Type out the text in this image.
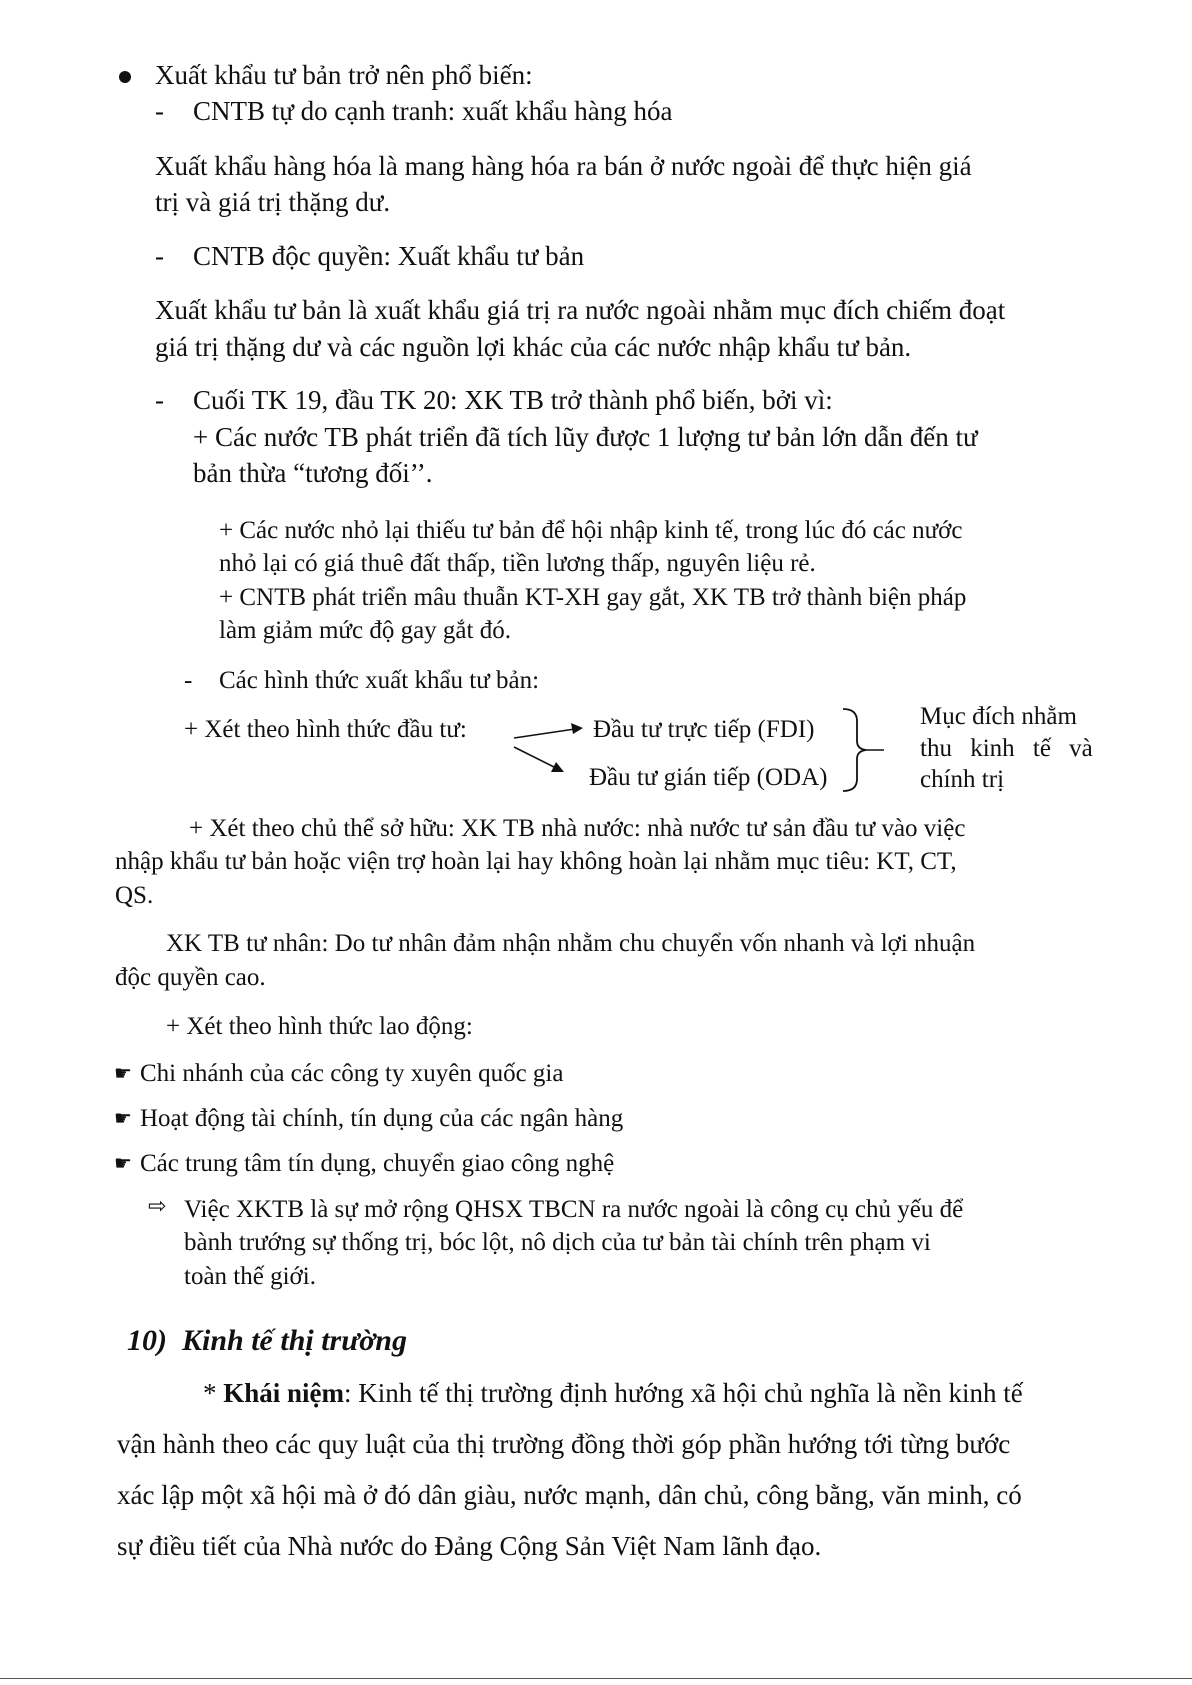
Xuất khẩu tư bản trở nên phổ biến:
- CNTB tự do cạnh tranh: xuất khẩu hàng hóa
Xuất khẩu hàng hóa là mang hàng hóa ra bán ở nước ngoài để thực hiện giá
trị và giá trị thặng dư.
- CNTB độc quyền: Xuất khẩu tư bản
Xuất khẩu tư bản là xuất khẩu giá trị ra nước ngoài nhằm mục đích chiếm đoạt
giá trị thặng dư và các nguồn lợi khác của các nước nhập khẩu tư bản.
- Cuối TK 19, đầu TK 20: XK TB trở thành phổ biến, bởi vì:
+ Các nước TB phát triển đã tích lũy được 1 lượng tư bản lớn dẫn đến tư
bản thừa “tương đối’’.
+ Các nước nhỏ lại thiếu tư bản để hội nhập kinh tế, trong lúc đó các nước
nhỏ lại có giá thuê đất thấp, tiền lương thấp, nguyên liệu rẻ.
+ CNTB phát triển mâu thuẫn KT-XH gay gắt, XK TB trở thành biện pháp
làm giảm mức độ gay gắt đó.
- Các hình thức xuất khẩu tư bản:
+ Xét theo hình thức đầu tư:	Đầu tư trực tiếp (FDI)
Đầu tư gián tiếp (ODA)
Mục đích nhằm
thu kinh tế và
chính trị
+ Xét theo chủ thể sở hữu: XK TB nhà nước: nhà nước tư sản đầu tư vào việc
nhập khẩu tư bản hoặc viện trợ hoàn lại hay không hoàn lại nhằm mục tiêu: KT, CT,
QS.
XK TB tư nhân: Do tư nhân đảm nhận nhằm chu chuyển vốn nhanh và lợi nhuận
độc quyền cao.
+ Xét theo hình thức lao động:
☛ Chi nhánh của các công ty xuyên quốc gia
☛ Hoạt động tài chính, tín dụng của các ngân hàng
☛ Các trung tâm tín dụng, chuyển giao công nghệ
⇨ Việc XKTB là sự mở rộng QHSX TBCN ra nước ngoài là công cụ chủ yếu để
bành trướng sự thống trị, bóc lột, nô dịch của tư bản tài chính trên phạm vi
toàn thế giới.
10)  Kinh tế thị trường
* Khái niệm: Kinh tế thị trường định hướng xã hội chủ nghĩa là nền kinh tế
vận hành theo các quy luật của thị trường đồng thời góp phần hướng tới từng bước
xác lập một xã hội mà ở đó dân giàu, nước mạnh, dân chủ, công bằng, văn minh, có
sự điều tiết của Nhà nước do Đảng Cộng Sản Việt Nam lãnh đạo.
